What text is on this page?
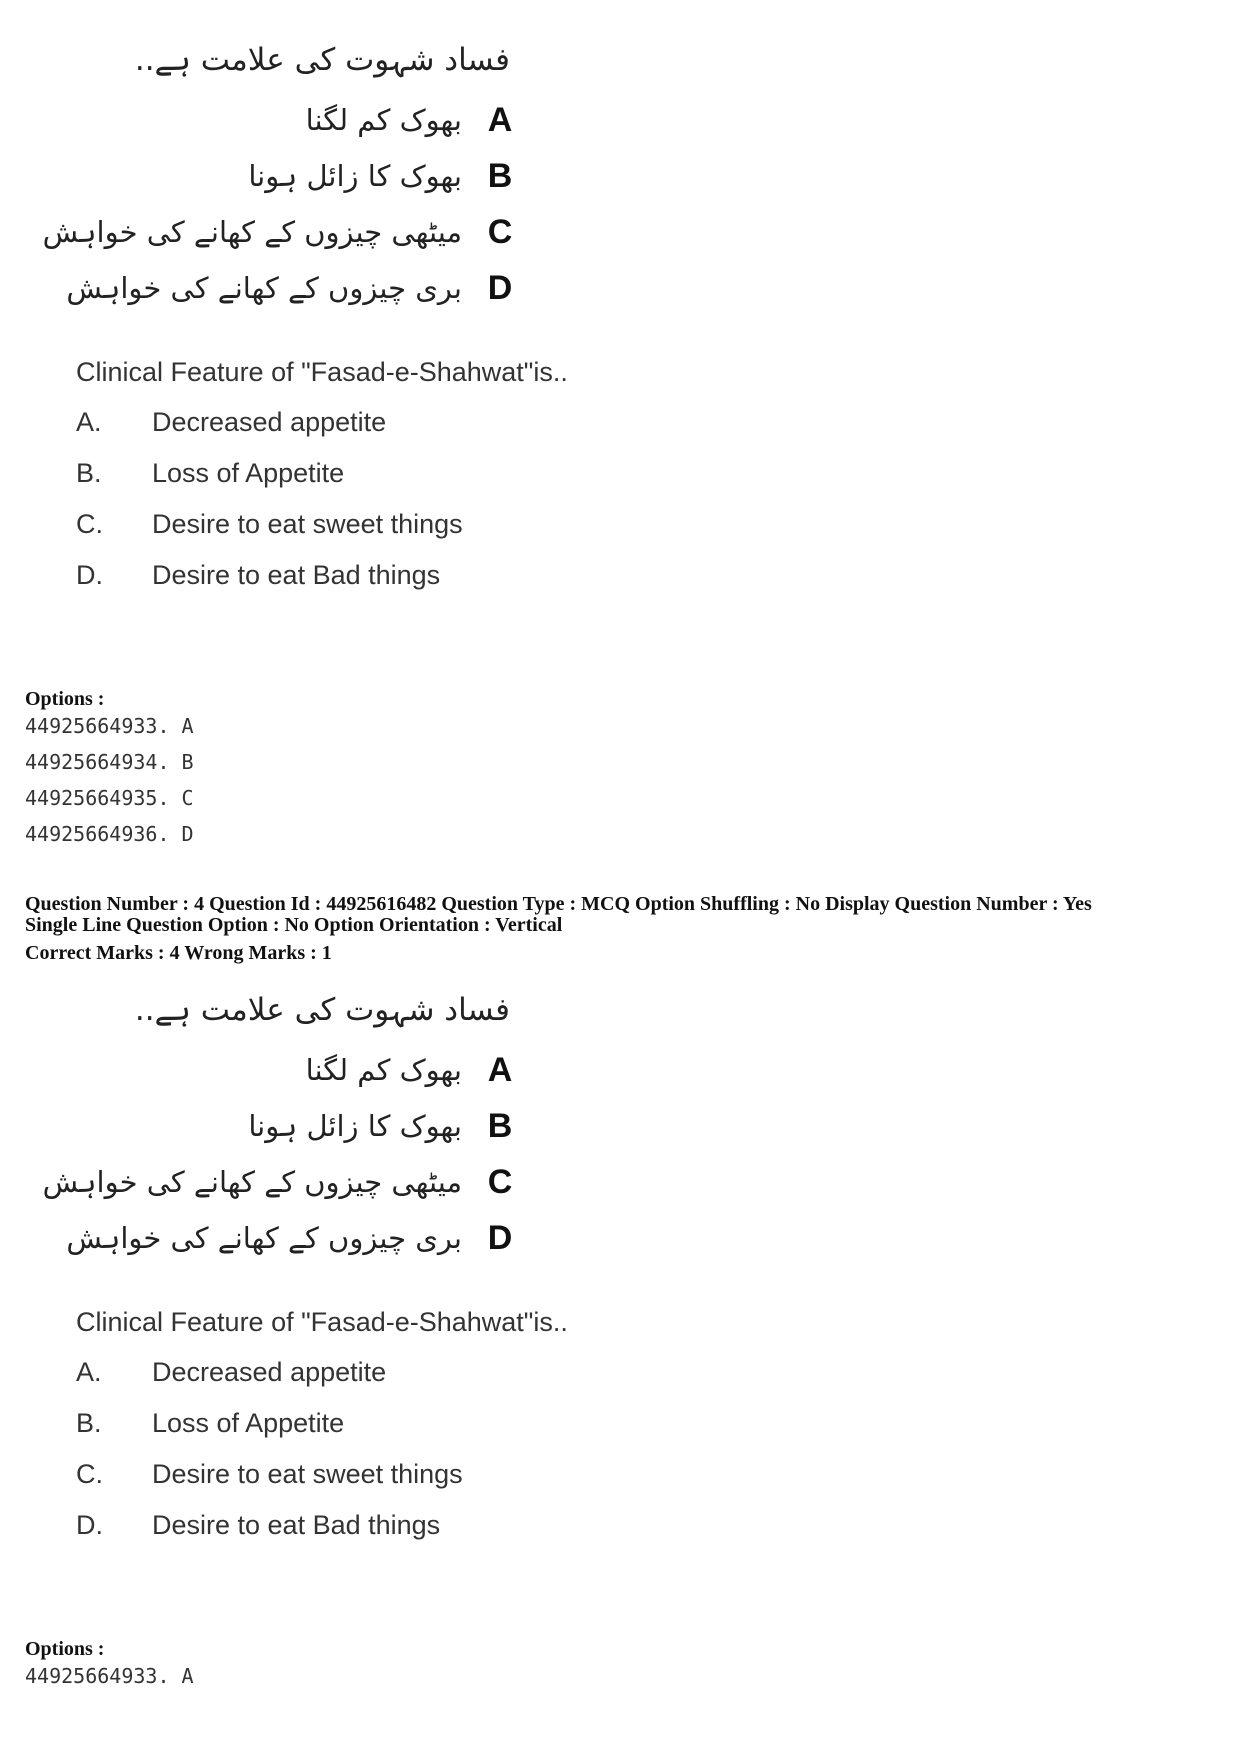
فساد شہوت کی علامت ہے..
A
بھوک کم لگنا
B
بھوک کا زائل ہونا
C
میٹھی چیزوں کے کھانے کی خواہش
D
بری چیزوں کے کھانے کی خواہش
Clinical Feature of "Fasad-e-Shahwat"is..
A.	Decreased appetite
B.	Loss of Appetite
C.	Desire to eat sweet things
D.	Desire to eat Bad things
Options :
44925664933. A
44925664934. B
44925664935. C
44925664936. D
Question Number : 4 Question Id : 44925616482 Question Type : MCQ Option Shuffling : No Display Question Number : Yes
Single Line Question Option : No Option Orientation : Vertical
Correct Marks : 4 Wrong Marks : 1
فساد شہوت کی علامت ہے..
A
بھوک کم لگنا
B
بھوک کا زائل ہونا
C
میٹھی چیزوں کے کھانے کی خواہش
D
بری چیزوں کے کھانے کی خواہش
Clinical Feature of "Fasad-e-Shahwat"is..
A.	Decreased appetite
B.	Loss of Appetite
C.	Desire to eat sweet things
D.	Desire to eat Bad things
Options :
44925664933. A
